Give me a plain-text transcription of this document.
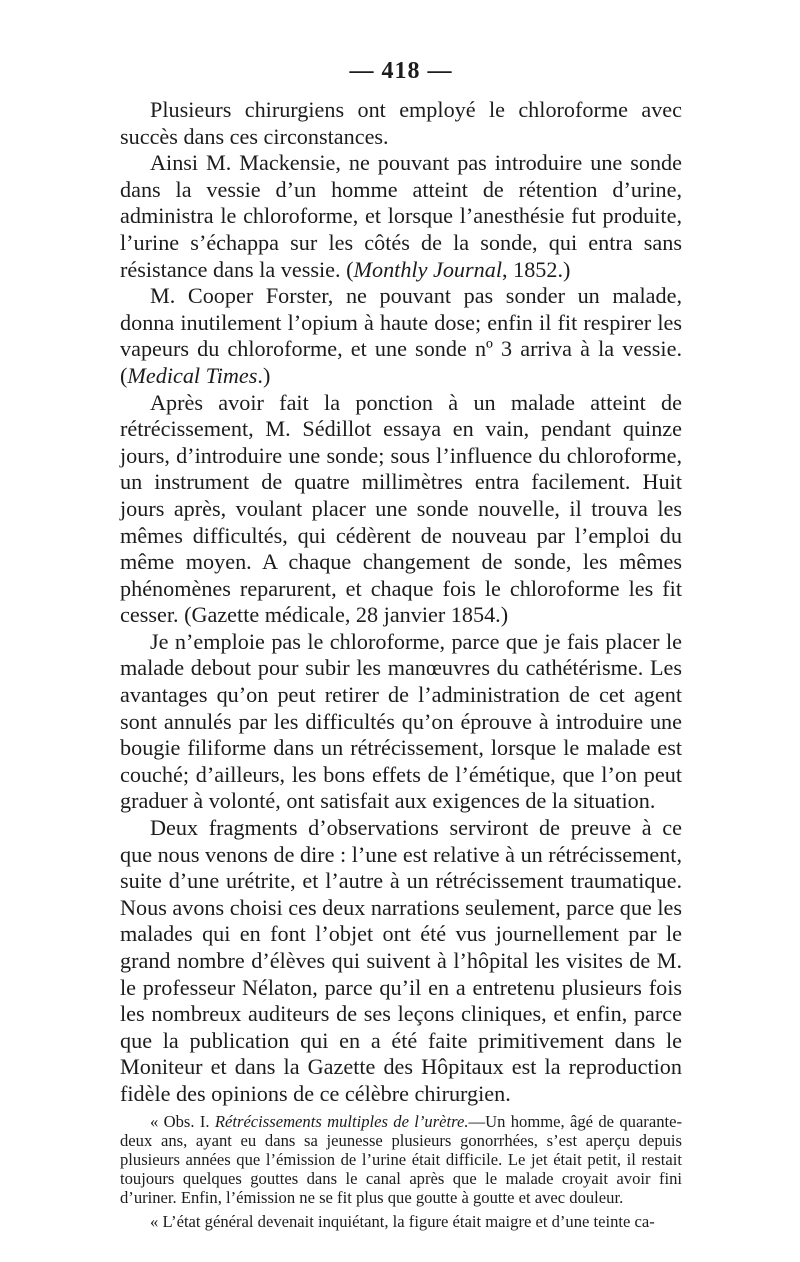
— 418 —

Plusieurs chirurgiens ont employé le chloroforme avec succès dans ces circonstances.

Ainsi M. Mackensie, ne pouvant pas introduire une sonde dans la vessie d’un homme atteint de rétention d’urine, administra le chloroforme, et lorsque l’anesthésie fut produite, l’urine s’échappa sur les côtés de la sonde, qui entra sans résistance dans la vessie. (Monthly Journal, 1852.)

M. Cooper Forster, ne pouvant pas sonder un malade, donna inutilement l’opium à haute dose; enfin il fit respirer les vapeurs du chloroforme, et une sonde nº 3 arriva à la vessie. (Medical Times.)

Après avoir fait la ponction à un malade atteint de rétrécissement, M. Sédillot essaya en vain, pendant quinze jours, d’introduire une sonde; sous l’influence du chloroforme, un instrument de quatre millimètres entra facilement. Huit jours après, voulant placer une sonde nouvelle, il trouva les mêmes difficultés, qui cédèrent de nouveau par l’emploi du même moyen. A chaque changement de sonde, les mêmes phénomènes reparurent, et chaque fois le chloroforme les fit cesser. (Gazette médicale, 28 janvier 1854.)

Je n’emploie pas le chloroforme, parce que je fais placer le malade debout pour subir les manœuvres du cathétérisme. Les avantages qu’on peut retirer de l’administration de cet agent sont annulés par les difficultés qu’on éprouve à introduire une bougie filiforme dans un rétrécissement, lorsque le malade est couché; d’ailleurs, les bons effets de l’émétique, que l’on peut graduer à volonté, ont satisfait aux exigences de la situation.

Deux fragments d’observations serviront de preuve à ce que nous venons de dire : l’une est relative à un rétrécissement, suite d’une urétrite, et l’autre à un rétrécissement traumatique. Nous avons choisi ces deux narrations seulement, parce que les malades qui en font l’objet ont été vus journellement par le grand nombre d’élèves qui suivent à l’hôpital les visites de M. le professeur Nélaton, parce qu’il en a entretenu plusieurs fois les nombreux auditeurs de ses leçons cliniques, et enfin, parce que la publication qui en a été faite primitivement dans le Moniteur et dans la Gazette des Hôpitaux est la reproduction fidèle des opinions de ce célèbre chirurgien.

« Obs. I. Rétrécissements multiples de l’urètre.—Un homme, âgé de quarante-deux ans, ayant eu dans sa jeunesse plusieurs gonorrhées, s’est aperçu depuis plusieurs années que l’émission de l’urine était difficile. Le jet était petit, il restait toujours quelques gouttes dans le canal après que le malade croyait avoir fini d’uriner. Enfin, l’émission ne se fit plus que goutte à goutte et avec douleur.

« L’état général devenait inquiétant, la figure était maigre et d’une teinte ca-
